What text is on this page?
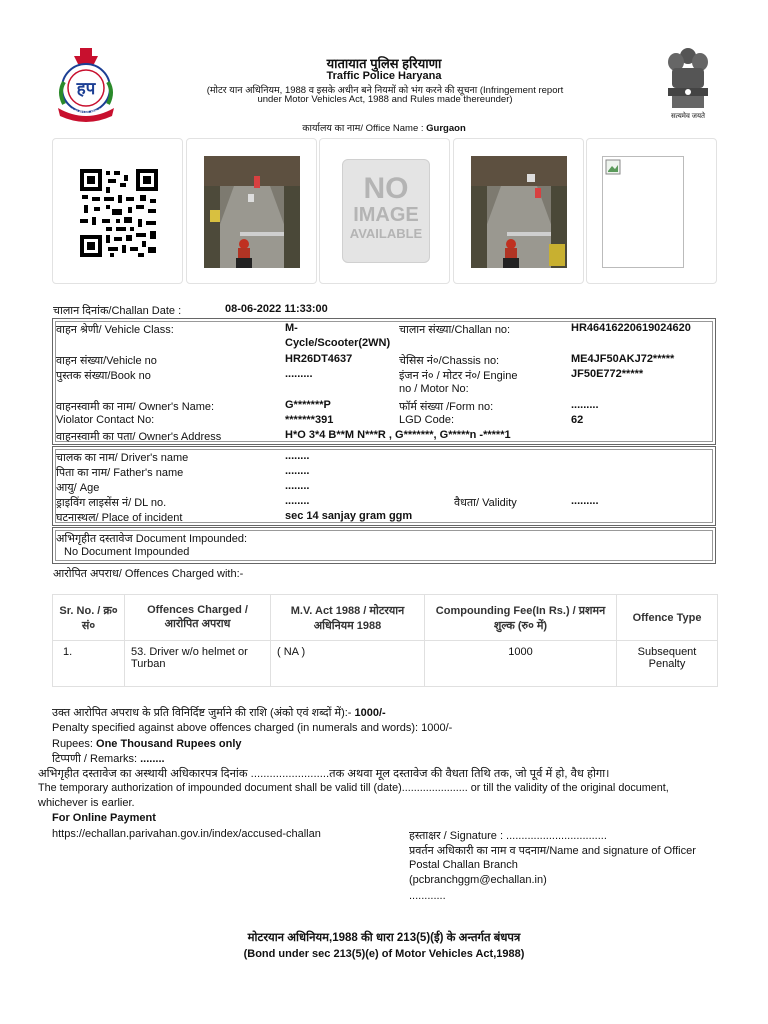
हप
सेवा सुरक्षा सहयोग
सत्यमेव जयते
यातायात पुलिस हरियाणा
Traffic Police Haryana
(मोटर यान अधिनियम, 1988 व इसके अधीन बने नियमों को भंग करने की सूचना (Infringement report
under Motor Vehicles Act, 1988 and Rules made thereunder)
कार्यालय का नाम/ Office Name : Gurgaon
NO
IMAGE
AVAILABLE
चालान दिनांक/Challan Date :	08-06-2022 11:33:00
वाहन श्रेणी/ Vehicle Class:	M-
Cycle/Scooter(2WN)
चालान संख्या/Challan no:	HR46416220619024620
वाहन संख्या/Vehicle no	HR26DT4637	चेसिस नं०/Chassis no:	ME4JF50AKJ72*****
पुस्तक संख्या/Book no	.........	इंजन नं० / मोटर नं०/ Engine
no / Motor No:
JF50E772*****
वाहनस्वामी का नाम/ Owner's Name:	G*******P	फॉर्म संख्या /Form no:	.........
Violator Contact No:	*******391	LGD Code:	62
वाहनस्वामी का पता/ Owner's Address	H*O 3*4 B**M N***R , G*******, G*****n -*****1
चालक का नाम/ Driver's name	........
पिता का नाम/ Father's name	........
आयु/ Age	........
ड्राइविंग लाइसेंस नं/ DL no.	........	वैधता/ Validity	.........
घटनास्थल/ Place of incident	sec 14 sanjay gram ggm
अभिगृहीत दस्तावेज Document Impounded:
No Document Impounded
आरोपित अपराध/ Offences Charged with:-
Sr. No. / क्र० सं०	Offences Charged / आरोपित अपराध	M.V. Act 1988 / मोटरयान अधिनियम 1988	Compounding Fee(In Rs.) / प्रशमन शुल्क (रु० में)	Offence Type
1.	53. Driver w/o helmet or Turban	( NA )	1000	Subsequent Penalty
उक्त आरोपित अपराध के प्रति विनिर्दिष्ट जुर्माने की राशि (अंको एवं शब्दों में):- 1000/-
Penalty specified against above offences charged (in numerals and words): 1000/-
Rupees: One Thousand Rupees only
टिप्पणी / Remarks: ........
अभिगृहीत दस्तावेज का अस्थायी अधिकारपत्र दिनांक .........................तक अथवा मूल दस्तावेज की वैधता तिथि तक, जो पूर्व में हो, वैध होगा।
The temporary authorization of impounded document shall be valid till (date)...................... or till the validity of the original document,
whichever is earlier.
For Online Payment
https://echallan.parivahan.gov.in/index/accused-challan	हस्ताक्षर / Signature : .................................
प्रवर्तन अधिकारी का नाम व पदनाम/Name and signature of Officer
Postal Challan Branch
(pcbranchggm@echallan.in)
............
मोटरयान अधिनियम,1988 की धारा 213(5)(ई) के अन्तर्गत बंधपत्र
(Bond under sec 213(5)(e) of Motor Vehicles Act,1988)
